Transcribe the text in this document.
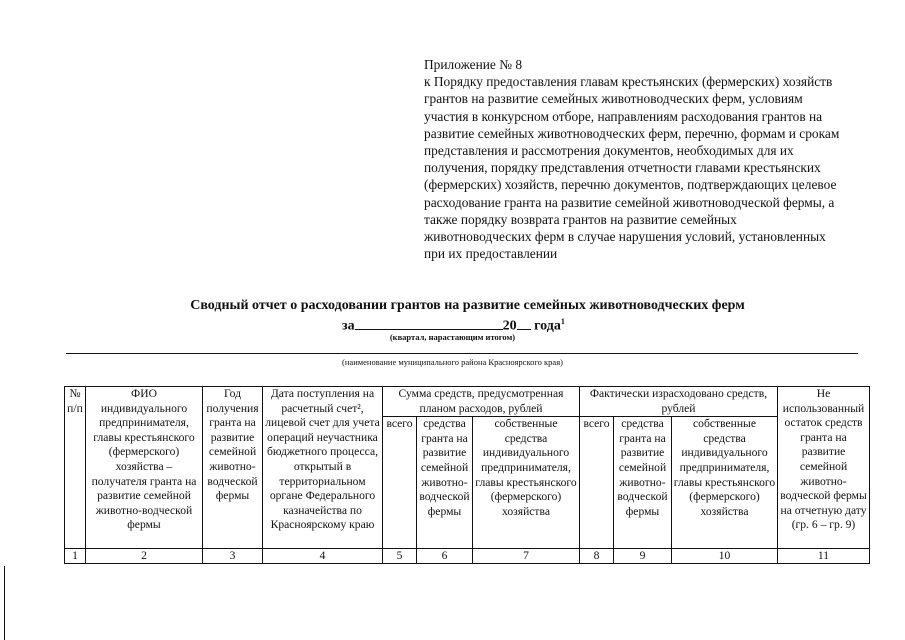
Приложение № 8
к Порядку предоставления главам крестьянских (фермерских) хозяйств грантов на развитие семейных животноводческих ферм, условиям участия в конкурсном отборе, направлениям расходования грантов на развитие семейных животноводческих ферм, перечню, формам и срокам представления и рассмотрения документов, необходимых для их получения, порядку представления отчетности главами крестьянских (фермерских) хозяйств, перечню документов, подтверждающих целевое расходование гранта на развитие семейной животноводческой фермы, а также порядку возврата грантов на развитие семейных животноводческих ферм в случае нарушения условий, установленных при их предоставлении
Сводный отчет о расходовании грантов на развитие семейных животноводческих ферм
за	20 года$^1$
(квартал, нарастающим итогом)
(наименование муниципального района Красноярского края)
№ п/п	ФИО индивидуального предпринимателя, главы крестьянского (фермерского) хозяйства – получателя гранта на развитие семейной животно-водческой фермы	Год получения гранта на развитие семейной животно-водческой фермы	Дата поступления на расчетный счет², лицевой счет для учета операций неучастника бюджетного процесса, открытый в территориальном органе Федерального казначейства по Красноярскому краю	Сумма средств, предусмотренная планом расходов, рублей			Фактически израсходовано средств, рублей			Не использованный остаток средств гранта на развитие семейной животно-водческой фермы на отчетную дату (гр. 6 – гр. 9)
				всего	средства гранта на развитие семейной животно-водческой фермы	собственные средства индивидуального предпринимателя, главы крестьянского (фермерского) хозяйства	всего	средства гранта на развитие семейной животно-водческой фермы	собственные средства индивидуального предпринимателя, главы крестьянского (фермерского) хозяйства	
1	2	3	4	5	6	7	8	9	10	11
